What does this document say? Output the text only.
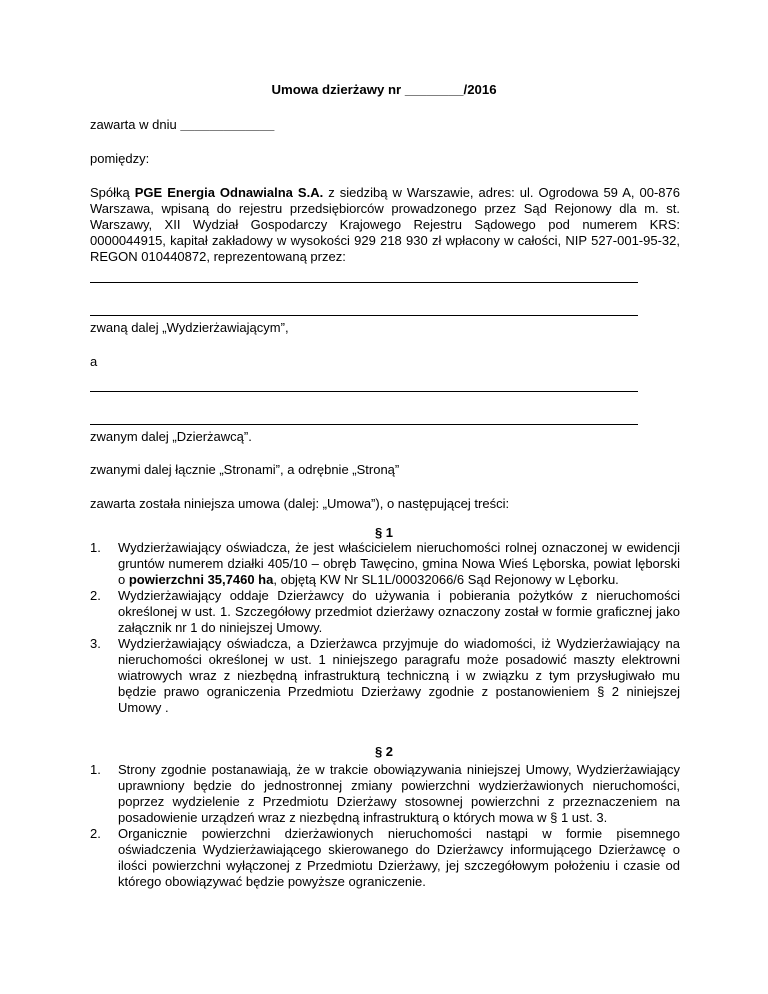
Umowa dzierżawy nr ________/2016
zawarta w dniu _____________
pomiędzy:
Spółką PGE Energia Odnawialna S.A. z siedzibą w Warszawie, adres: ul. Ogrodowa 59 A, 00-876 Warszawa, wpisaną do rejestru przedsiębiorców prowadzonego przez Sąd Rejonowy dla m. st. Warszawy, XII Wydział Gospodarczy Krajowego Rejestru Sądowego pod numerem KRS: 0000044915, kapitał zakładowy w wysokości 929 218 930 zł wpłacony w całości, NIP 527-001-95-32, REGON 010440872, reprezentowaną przez:
zwaną dalej „Wydzierżawiającym”,
a
zwanym dalej „Dzierżawcą”.
zwanymi dalej łącznie „Stronami”, a odrębnie „Stroną”
zawarta została niniejsza umowa (dalej: „Umowa”), o następującej treści:
§ 1
1. Wydzierżawiający oświadcza, że jest właścicielem nieruchomości rolnej oznaczonej w ewidencji gruntów numerem działki 405/10 – obręb Tawęcino, gmina Nowa Wieś Lęborska, powiat lęborski o powierzchni 35,7460 ha, objętą KW Nr SL1L/00032066/6 Sąd Rejonowy w Lęborku.
2. Wydzierżawiający oddaje Dzierżawcy do używania i pobierania pożytków z nieruchomości określonej w ust. 1. Szczegółowy przedmiot dzierżawy oznaczony został w formie graficznej jako załącznik nr 1 do niniejszej Umowy.
3. Wydzierżawiający oświadcza, a Dzierżawca przyjmuje do wiadomości, iż Wydzierżawiający na nieruchomości określonej w ust. 1 niniejszego paragrafu może posadowić maszty elektrowni wiatrowych wraz z niezbędną infrastrukturą techniczną i w związku z tym przysługiwało mu będzie prawo ograniczenia Przedmiotu Dzierżawy zgodnie z postanowieniem § 2 niniejszej Umowy .
§ 2
1. Strony zgodnie postanawiają, że w trakcie obowiązywania niniejszej Umowy, Wydzierżawiający uprawniony będzie do jednostronnej zmiany powierzchni wydzierżawionych nieruchomości, poprzez wydzielenie z Przedmiotu Dzierżawy stosownej powierzchni z przeznaczeniem na posadowienie urządzeń wraz z niezbędną infrastrukturą o których mowa w § 1 ust. 3.
2. Organicznie powierzchni dzierżawionych nieruchomości nastąpi w formie pisemnego oświadczenia Wydzierżawiającego skierowanego do Dzierżawcy informującego Dzierżawcę o ilości powierzchni wyłączonej z Przedmiotu Dzierżawy, jej szczegółowym położeniu i czasie od którego obowiązywać będzie powyższe ograniczenie.
